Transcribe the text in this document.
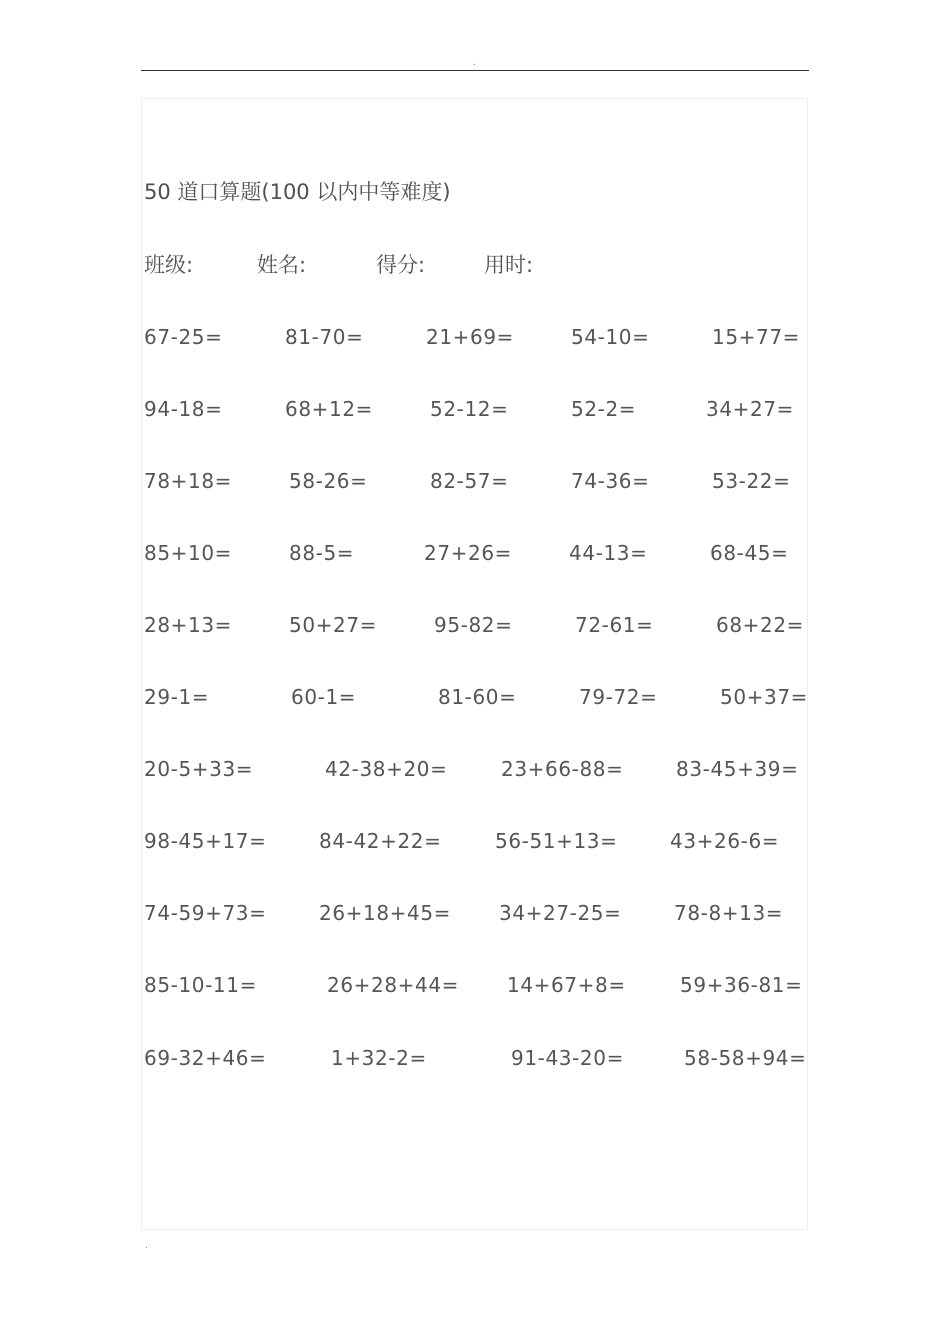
.
50 道口算题(100 以内中等难度)
班级:	姓名:	得分:	用时:
67-25=	81-70=	21+69=	54-10=	15+77=
94-18=	68+12=	52-12=	52-2=	34+27=
78+18=	58-26=	82-57=	74-36=	53-22=
85+10=	88-5=	27+26=	44-13=	68-45=
28+13=	50+27=	95-82=	72-61=	68+22=
29-1=	60-1=	81-60=	79-72=	50+37=
20-5+33=	42-38+20=	23+66-88=	83-45+39=
98-45+17=	84-42+22=	56-51+13=	43+26-6=
74-59+73=	26+18+45= 34+27-25=	78-8+13=
85-10-11=	26+28+44= 14+67+8=	59+36-81=
69-32+46=	1+32-2=	91-43-20=	58-58+94=
.
